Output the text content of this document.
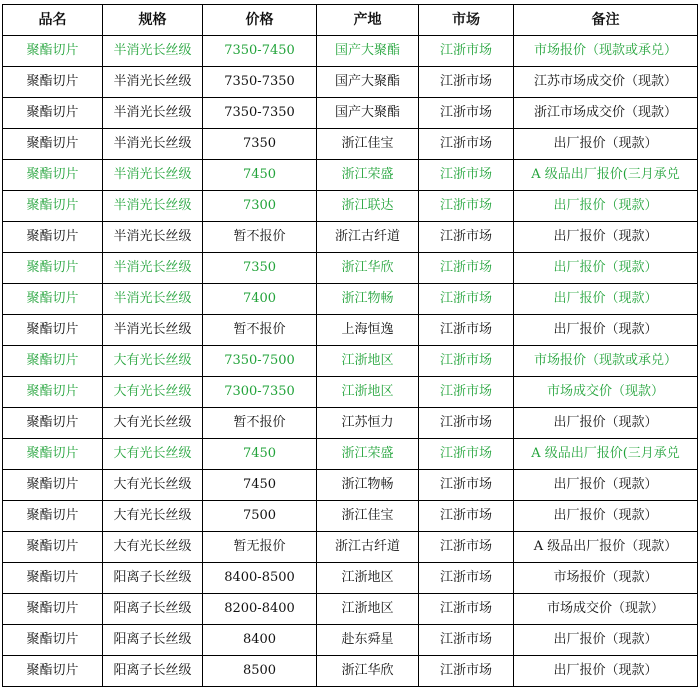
品名	规格	价格	产地	市场	备注
聚酯切片	半消光长丝级	7350-7450	国产大聚酯	江浙市场	市场报价（现款或承兑）
聚酯切片	半消光长丝级	7350-7350	国产大聚酯	江浙市场	江苏市场成交价（现款）
聚酯切片	半消光长丝级	7350-7350	国产大聚酯	江浙市场	浙江市场成交价（现款）
聚酯切片	半消光长丝级	7350	浙江佳宝	江浙市场	出厂报价（现款）
聚酯切片	半消光长丝级	7450	浙江荣盛	江浙市场	A 级品出厂报价(三月承兑
聚酯切片	半消光长丝级	7300	浙江联达	江浙市场	出厂报价（现款）
聚酯切片	半消光长丝级	暂不报价	浙江古纤道	江浙市场	出厂报价（现款）
聚酯切片	半消光长丝级	7350	浙江华欣	江浙市场	出厂报价（现款）
聚酯切片	半消光长丝级	7400	浙江物畅	江浙市场	出厂报价（现款）
聚酯切片	半消光长丝级	暂不报价	上海恒逸	江浙市场	出厂报价（现款）
聚酯切片	大有光长丝级	7350-7500	江浙地区	江浙市场	市场报价（现款或承兑）
聚酯切片	大有光长丝级	7300-7350	江浙地区	江浙市场	市场成交价（现款）
聚酯切片	大有光长丝级	暂不报价	江苏恒力	江浙市场	出厂报价（现款）
聚酯切片	大有光长丝级	7450	浙江荣盛	江浙市场	A 级品出厂报价(三月承兑
聚酯切片	大有光长丝级	7450	浙江物畅	江浙市场	出厂报价（现款）
聚酯切片	大有光长丝级	7500	浙江佳宝	江浙市场	出厂报价（现款）
聚酯切片	大有光长丝级	暂无报价	浙江古纤道	江浙市场	A 级品出厂报价（现款）
聚酯切片	阳离子长丝级	8400-8500	江浙地区	江浙市场	市场报价（现款）
聚酯切片	阳离子长丝级	8200-8400	江浙地区	江浙市场	市场成交价（现款）
聚酯切片	阳离子长丝级	8400	赴东舜星	江浙市场	出厂报价（现款）
聚酯切片	阳离子长丝级	8500	浙江华欣	江浙市场	出厂报价（现款）
